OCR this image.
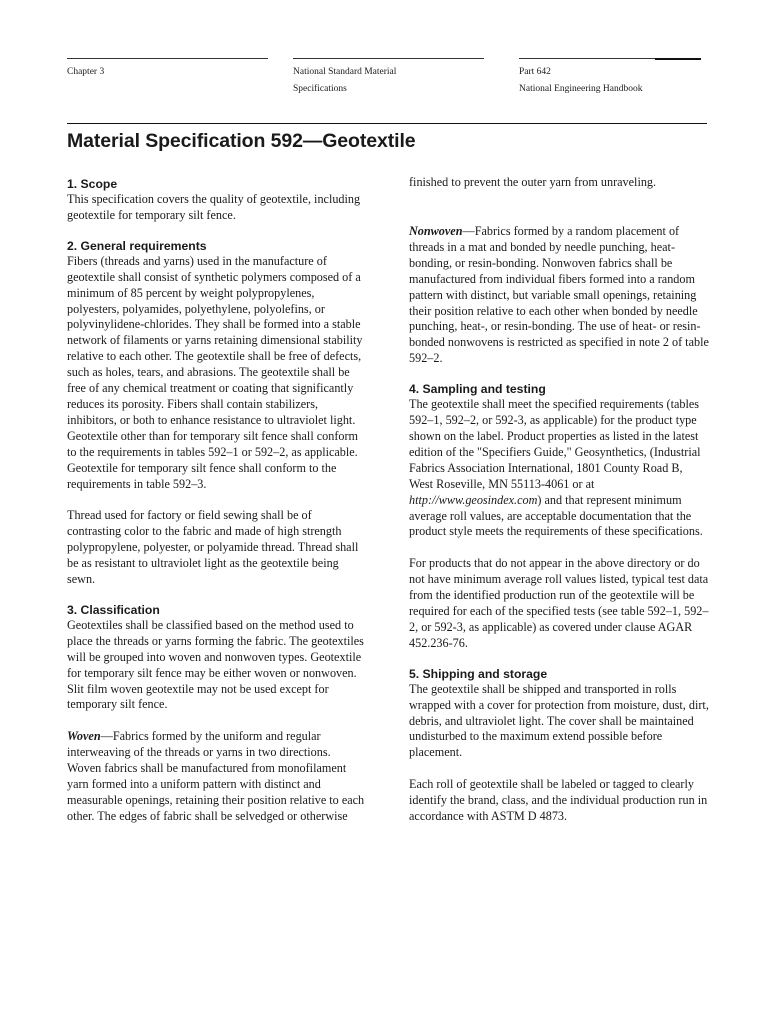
Chapter 3	National Standard Material
Specifications
Part 642
National Engineering Handbook
Material Specification 592—Geotextile
1. Scope

This specification covers the quality of geotextile, including geotextile for temporary silt fence.

2. General requirements

Fibers (threads and yarns) used in the manufacture of geotextile shall consist of synthetic polymers composed of a minimum of 85 percent by weight polypropylenes, polyesters, polyamides, polyethylene, polyolefins, or polyvinylidene-chlorides. They shall be formed into a stable network of filaments or yarns retaining dimensional stability relative to each other. The geotextile shall be free of defects, such as holes, tears, and abrasions. The geotextile shall be free of any chemical treatment or coating that significantly reduces its porosity. Fibers shall contain stabilizers, inhibitors, or both to enhance resistance to ultraviolet light. Geotextile other than for temporary silt fence shall conform to the requirements in tables 592–1 or 592–2, as applicable. Geotextile for temporary silt fence shall conform to the requirements in table 592–3.

Thread used for factory or field sewing shall be of contrasting color to the fabric and made of high strength polypropylene, polyester, or polyamide thread. Thread shall be as resistant to ultraviolet light as the geotextile being sewn.

3. Classification

Geotextiles shall be classified based on the method used to place the threads or yarns forming the fabric. The geotextiles will be grouped into woven and nonwoven types. Geotextile for temporary silt fence may be either woven or nonwoven. Slit film woven geotextile may not be used except for temporary silt fence.

Woven—Fabrics formed by the uniform and regular interweaving of the threads or yarns in two directions. Woven fabrics shall be manufactured from monofilament yarn formed into a uniform pattern with distinct and measurable openings, retaining their position relative to each other. The edges of fabric shall be selvedged or otherwise

finished to prevent the outer yarn from unraveling.

Nonwoven—Fabrics formed by a random placement of threads in a mat and bonded by needle punching, heat-bonding, or resin-bonding. Nonwoven fabrics shall be manufactured from individual fibers formed into a random pattern with distinct, but variable small openings, retaining their position relative to each other when bonded by needle punching, heat-, or resin-bonding. The use of heat- or resin-bonded nonwovens is restricted as specified in note 2 of table 592–2.

4. Sampling and testing

The geotextile shall meet the specified requirements (tables 592–1, 592–2, or 592-3, as applicable) for the product type shown on the label. Product properties as listed in the latest edition of the "Specifiers Guide," Geosynthetics, (Industrial Fabrics Association International, 1801 County Road B, West Roseville, MN 55113-4061 or at http://www.geosindex.com) and that represent minimum average roll values, are acceptable documentation that the product style meets the requirements of these specifications.

For products that do not appear in the above directory or do not have minimum average roll values listed, typical test data from the identified production run of the geotextile will be required for each of the specified tests (see table 592–1, 592–2, or 592-3, as applicable) as covered under clause AGAR 452.236-76.

5. Shipping and storage

The geotextile shall be shipped and transported in rolls wrapped with a cover for protection from moisture, dust, dirt, debris, and ultraviolet light. The cover shall be maintained undisturbed to the maximum extend possible before placement.

Each roll of geotextile shall be labeled or tagged to clearly identify the brand, class, and the individual production run in accordance with ASTM D 4873.
